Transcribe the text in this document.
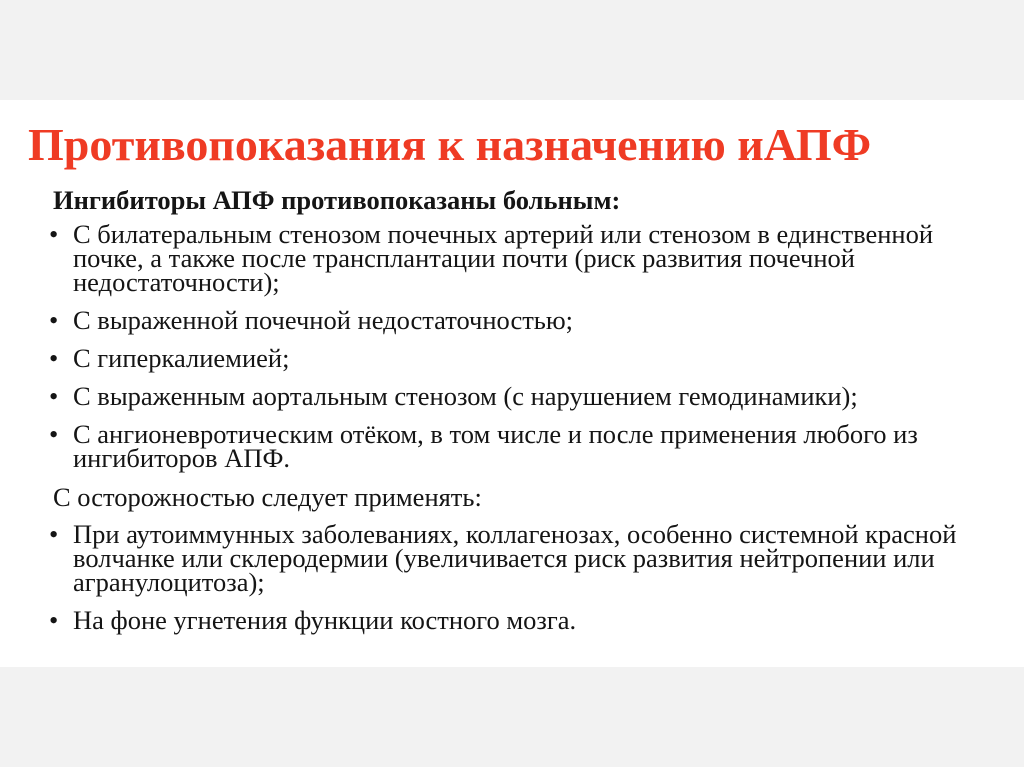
Противопоказания к назначению иАПФ

Ингибиторы АПФ противопоказаны больным:

• С билатеральным стенозом почечных артерий или стенозом в единственной почке, а также после трансплантации почти (риск развития почечной недостаточности);
• С выраженной почечной недостаточностью;
• С гиперкалиемией;
• С выраженным аортальным стенозом (с нарушением гемодинамики);
• С ангионевротическим отёком, в том числе и после применения любого из ингибиторов АПФ.

С осторожностью следует применять:

• При аутоиммунных заболеваниях, коллагенозах, особенно системной красной волчанке или склеродермии (увеличивается риск развития нейтропении или агранулоцитоза);
• На фоне угнетения функции костного мозга.
